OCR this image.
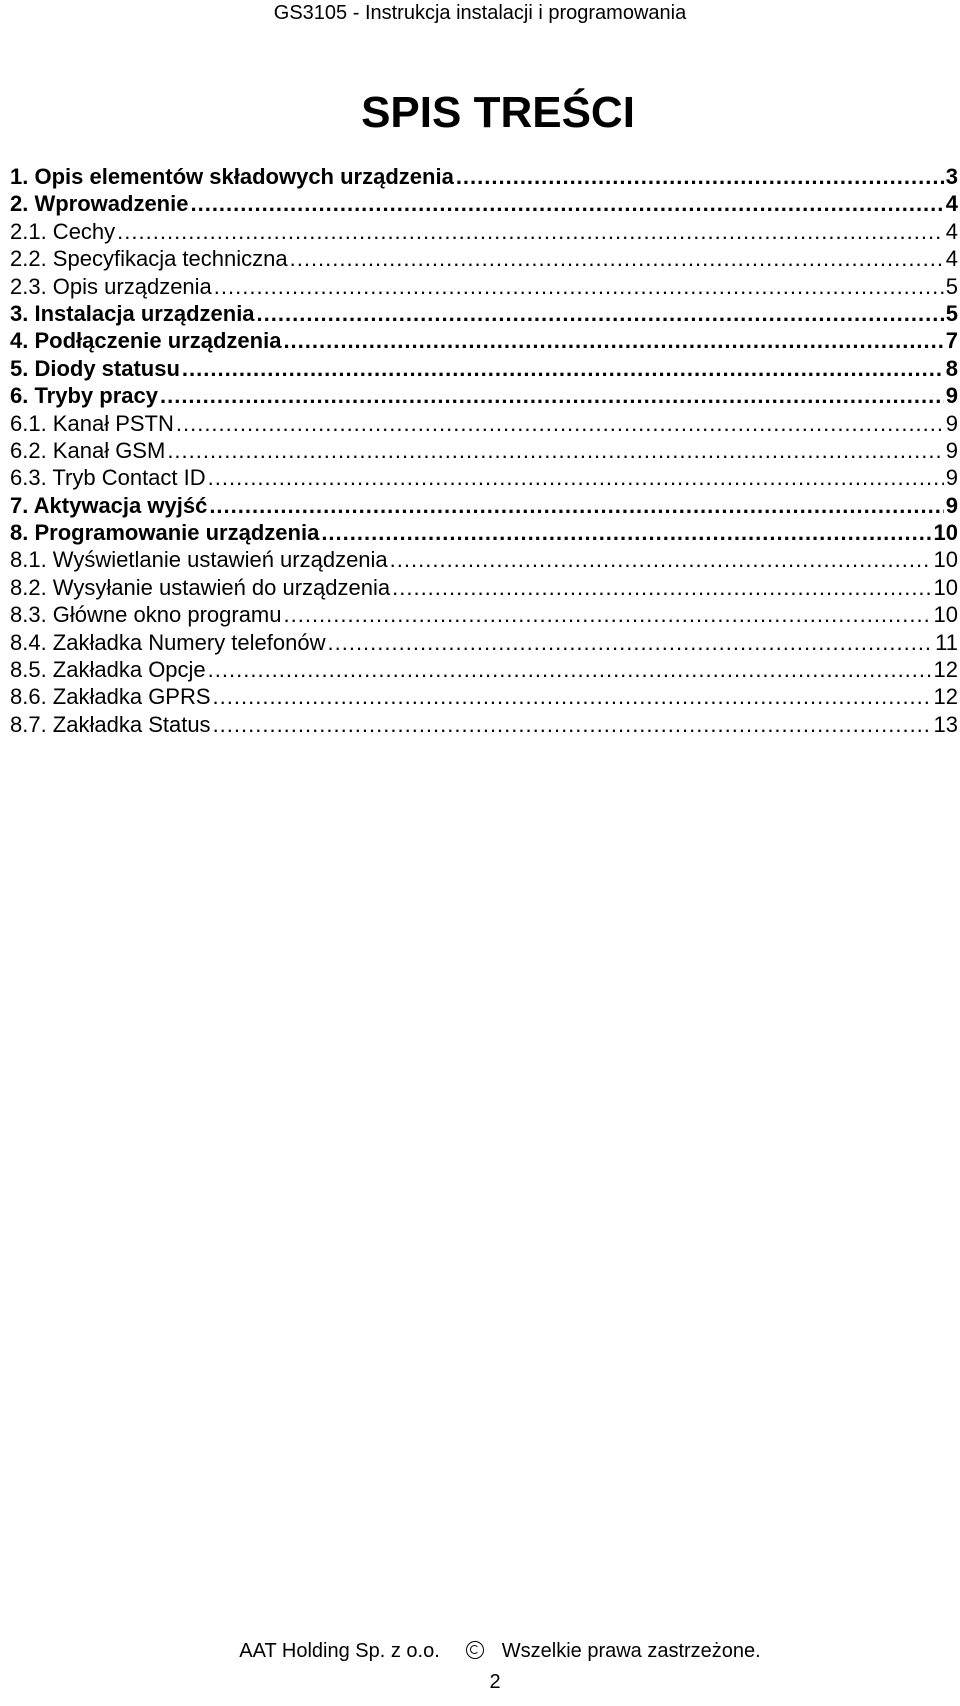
GS3105 - Instrukcja instalacji i programowania
SPIS TREŚCI
1. Opis elementów składowych urządzenia .....	3
2. Wprowadzenie .....	4
2.1. Cechy .....	4
2.2. Specyfikacja techniczna .....	4
2.3. Opis urządzenia .....	5
3. Instalacja urządzenia .....	5
4. Podłączenie urządzenia .....	7
5. Diody statusu .....	8
6. Tryby pracy .....	9
6.1. Kanał PSTN .....	9
6.2. Kanał GSM .....	9
6.3. Tryb Contact ID .....	9
7. Aktywacja wyjść .....	9
8. Programowanie urządzenia .....	10
8.1. Wyświetlanie ustawień urządzenia .....	10
8.2. Wysyłanie ustawień do urządzenia .....	10
8.3. Główne okno programu .....	10
8.4. Zakładka Numery telefonów .....	11
8.5. Zakładka Opcje .....	12
8.6. Zakładka GPRS .....	12
8.7. Zakładka Status .....	13
AAT Holding Sp. z o.o.	Wszelkie prawa zastrzeżone.
2
